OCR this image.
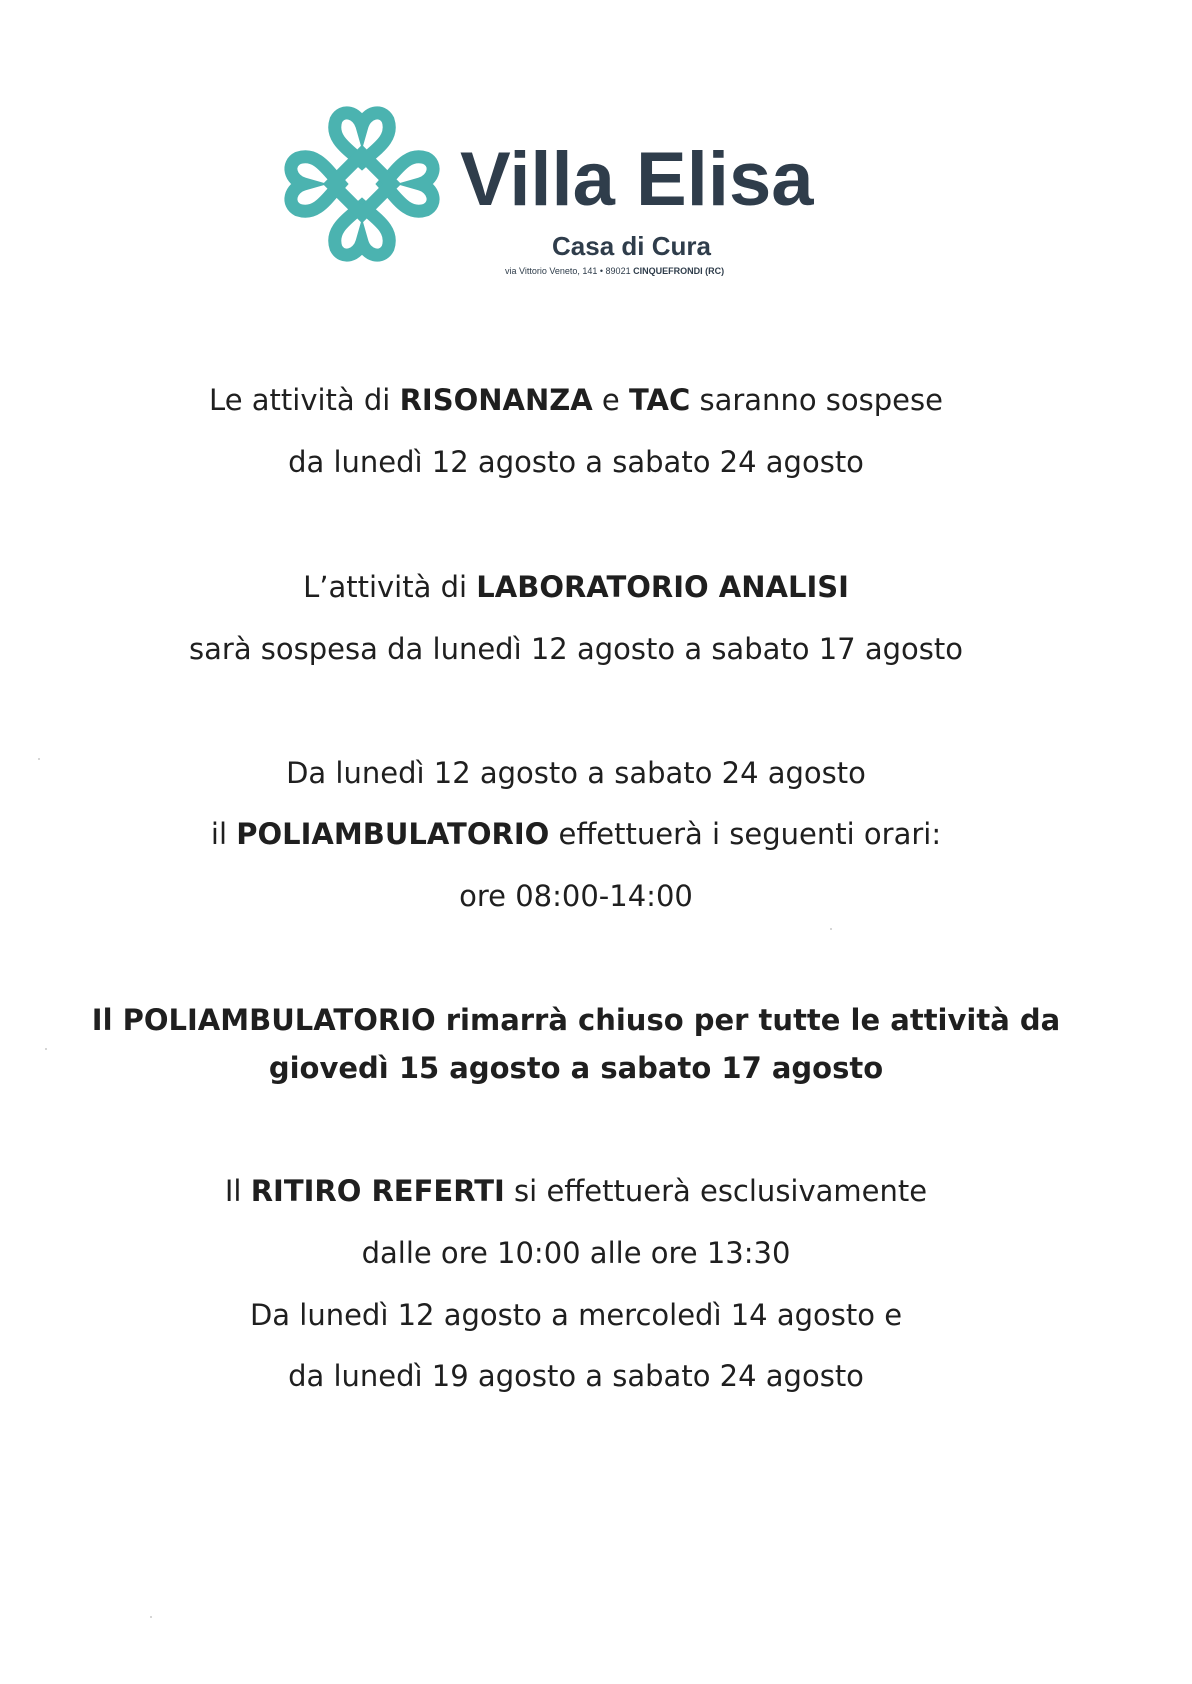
Villa Elisa
Casa di Cura
via Vittorio Veneto, 141 • 89021 CINQUEFRONDI (RC)
Le attività di RISONANZA e TAC saranno sospese
da lunedì 12 agosto a sabato 24 agosto
L’attività di LABORATORIO ANALISI
sarà sospesa da lunedì 12 agosto a sabato 17 agosto
Da lunedì 12 agosto a sabato 24 agosto
il POLIAMBULATORIO effettuerà i seguenti orari:
ore 08:00-14:00
Il POLIAMBULATORIO rimarrà chiuso per tutte le attività da
giovedì 15 agosto a sabato 17 agosto
Il RITIRO REFERTI si effettuerà esclusivamente
dalle ore 10:00 alle ore 13:30
Da lunedì 12 agosto a mercoledì 14 agosto e
da lunedì 19 agosto a sabato 24 agosto
